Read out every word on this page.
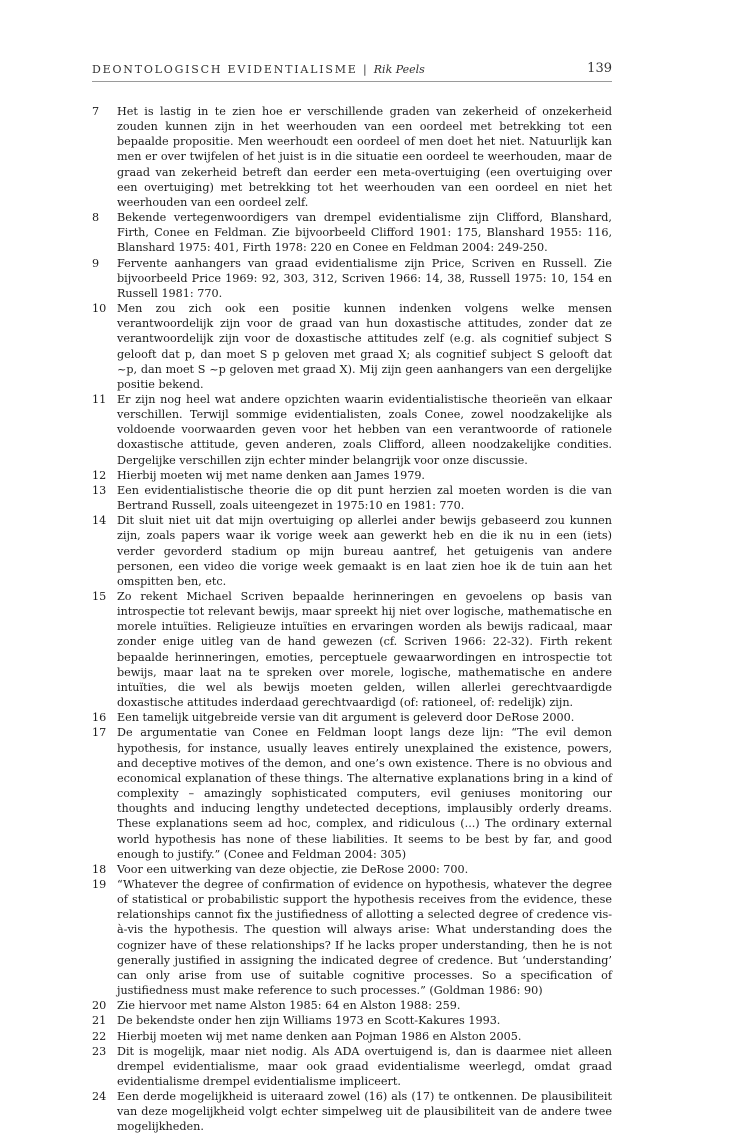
DEONTOLOGISCH EVIDENTIALISME | Rik Peels	139
7 Het is lastig in te zien hoe er verschillende graden van zekerheid of onzekerheid zouden kunnen zijn in het weerhouden van een oordeel met betrekking tot een bepaalde propositie. Men weerhoudt een oordeel of men doet het niet. Natuurlijk kan men er over twijfelen of het juist is in die situatie een oordeel te weerhouden, maar de graad van zekerheid betreft dan eerder een meta-overtuiging (een overtuiging over een overtuiging) met betrekking tot het weerhouden van een oordeel en niet het weerhouden van een oordeel zelf.
8 Bekende vertegenwoordigers van drempel evidentialisme zijn Clifford, Blanshard, Firth, Conee en Feldman. Zie bijvoorbeeld Clifford 1901: 175, Blanshard 1955: 116, Blanshard 1975: 401, Firth 1978: 220 en Conee en Feldman 2004: 249-250.
9 Fervente aanhangers van graad evidentialisme zijn Price, Scriven en Russell. Zie bijvoorbeeld Price 1969: 92, 303, 312, Scriven 1966: 14, 38, Russell 1975: 10, 154 en Russell 1981: 770.
10 Men zou zich ook een positie kunnen indenken volgens welke mensen verantwoordelijk zijn voor de graad van hun doxastische attitudes, zonder dat ze verantwoordelijk zijn voor de doxastische attitudes zelf (e.g. als cognitief subject S gelooft dat p, dan moet S p geloven met graad X; als cognitief subject S gelooft dat ~p, dan moet S ~p geloven met graad X). Mij zijn geen aanhangers van een dergelijke positie bekend.
11 Er zijn nog heel wat andere opzichten waarin evidentialistische theorieën van elkaar verschillen. Terwijl sommige evidentialisten, zoals Conee, zowel noodzakelijke als voldoende voorwaarden geven voor het hebben van een verantwoorde of rationele doxastische attitude, geven anderen, zoals Clifford, alleen noodzakelijke condities. Dergelijke verschillen zijn echter minder belangrijk voor onze discussie.
12 Hierbij moeten wij met name denken aan James 1979.
13 Een evidentialistische theorie die op dit punt herzien zal moeten worden is die van Bertrand Russell, zoals uiteengezet in 1975:10 en 1981: 770.
14 Dit sluit niet uit dat mijn overtuiging op allerlei ander bewijs gebaseerd zou kunnen zijn, zoals papers waar ik vorige week aan gewerkt heb en die ik nu in een (iets) verder gevorderd stadium op mijn bureau aantref, het getuigenis van andere personen, een video die vorige week gemaakt is en laat zien hoe ik de tuin aan het omspitten ben, etc.
15 Zo rekent Michael Scriven bepaalde herinneringen en gevoelens op basis van introspectie tot relevant bewijs, maar spreekt hij niet over logische, mathematische en morele intuïties. Religieuze intuïties en ervaringen worden als bewijs radicaal, maar zonder enige uitleg van de hand gewezen (cf. Scriven 1966: 22-32). Firth rekent bepaalde herinneringen, emoties, perceptuele gewaarwordingen en introspectie tot bewijs, maar laat na te spreken over morele, logische, mathematische en andere intuïties, die wel als bewijs moeten gelden, willen allerlei gerechtvaardigde doxastische attitudes inderdaad gerechtvaardigd (of: rationeel, of: redelijk) zijn.
16 Een tamelijk uitgebreide versie van dit argument is geleverd door DeRose 2000.
17 De argumentatie van Conee en Feldman loopt langs deze lijn: “The evil demon hypothesis, for instance, usually leaves entirely unexplained the existence, powers, and deceptive motives of the demon, and one’s own existence. There is no obvious and economical explanation of these things. The alternative explanations bring in a kind of complexity – amazingly sophisticated computers, evil geniuses monitoring our thoughts and inducing lengthy undetected deceptions, implausibly orderly dreams. These explanations seem ad hoc, complex, and ridiculous (...) The ordinary external world hypothesis has none of these liabilities. It seems to be best by far, and good enough to justify.” (Conee and Feldman 2004: 305)
18 Voor een uitwerking van deze objectie, zie DeRose 2000: 700.
19 “Whatever the degree of confirmation of evidence on hypothesis, whatever the degree of statistical or probabilistic support the hypothesis receives from the evidence, these relationships cannot fix the justifiedness of allotting a selected degree of credence vis-à-vis the hypothesis. The question will always arise: What understanding does the cognizer have of these relationships? If he lacks proper understanding, then he is not generally justified in assigning the indicated degree of credence. But ‘understanding’ can only arise from use of suitable cognitive processes. So a specification of justifiedness must make reference to such processes.” (Goldman 1986: 90)
20 Zie hiervoor met name Alston 1985: 64 en Alston 1988: 259.
21 De bekendste onder hen zijn Williams 1973 en Scott-Kakures 1993.
22 Hierbij moeten wij met name denken aan Pojman 1986 en Alston 2005.
23 Dit is mogelijk, maar niet nodig. Als ADA overtuigend is, dan is daarmee niet alleen drempel evidentialisme, maar ook graad evidentialisme weerlegd, omdat graad evidentialisme drempel evidentialisme impliceert.
24 Een derde mogelijkheid is uiteraard zowel (16) als (17) te ontkennen. De plausibiliteit van deze mogelijkheid volgt echter simpelweg uit de plausibiliteit van de andere twee mogelijkheden.
